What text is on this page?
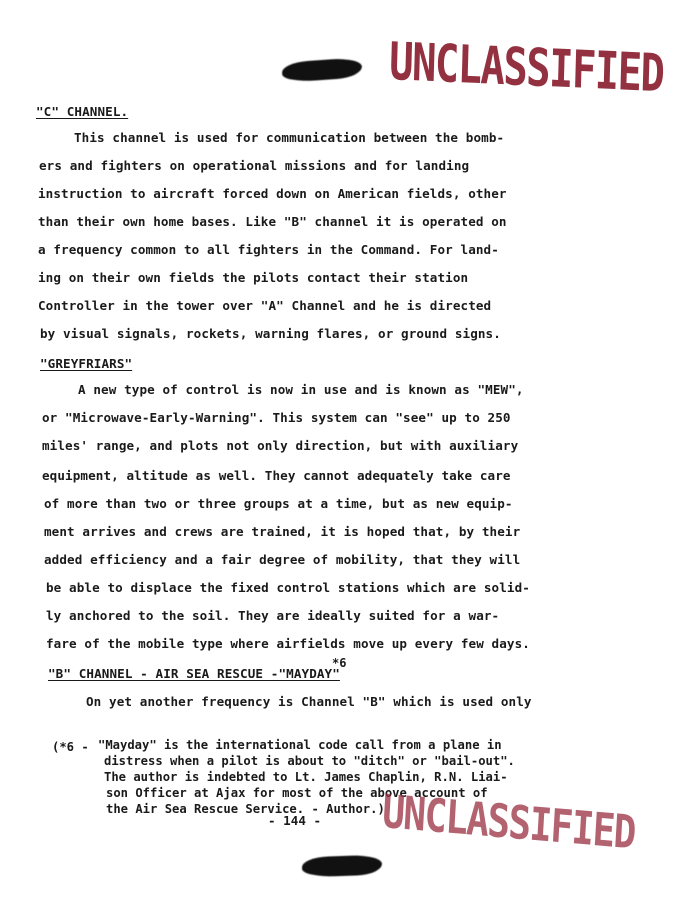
UNCLASSIFIED
"C" CHANNEL.
This channel is used for communication between the bomb-
ers and fighters on operational missions and for landing
instruction to aircraft forced down on American fields, other
than their own home bases. Like "B" channel it is operated on
a frequency common to all fighters in the Command. For land-
ing on their own fields the pilots contact their station
Controller in the tower over "A" Channel and he is directed
by visual signals, rockets, warning flares, or ground signs.
"GREYFRIARS"
A new type of control is now in use and is known as "MEW",
or "Microwave-Early-Warning". This system can "see" up to 250
miles' range, and plots not only direction, but with auxiliary
equipment, altitude as well. They cannot adequately take care
of more than two or three groups at a time, but as new equip-
ment arrives and crews are trained, it is hoped that, by their
added efficiency and a fair degree of mobility, that they will
be able to displace the fixed control stations which are solid-
ly anchored to the soil. They are ideally suited for a war-
fare of the mobile type where airfields move up every few days.
"B" CHANNEL - AIR SEA RESCUE -"MAYDAY"
*6
On yet another frequency is Channel "B" which is used only
(*6 - "Mayday" is the international code call from a plane in
distress when a pilot is about to "ditch" or "bail-out".
The author is indebted to Lt. James Chaplin, R.N. Liai-
son Officer at Ajax for most of the above account of
the Air Sea Rescue Service. - Author.)
UNCLASSIFIED
- 144 -
